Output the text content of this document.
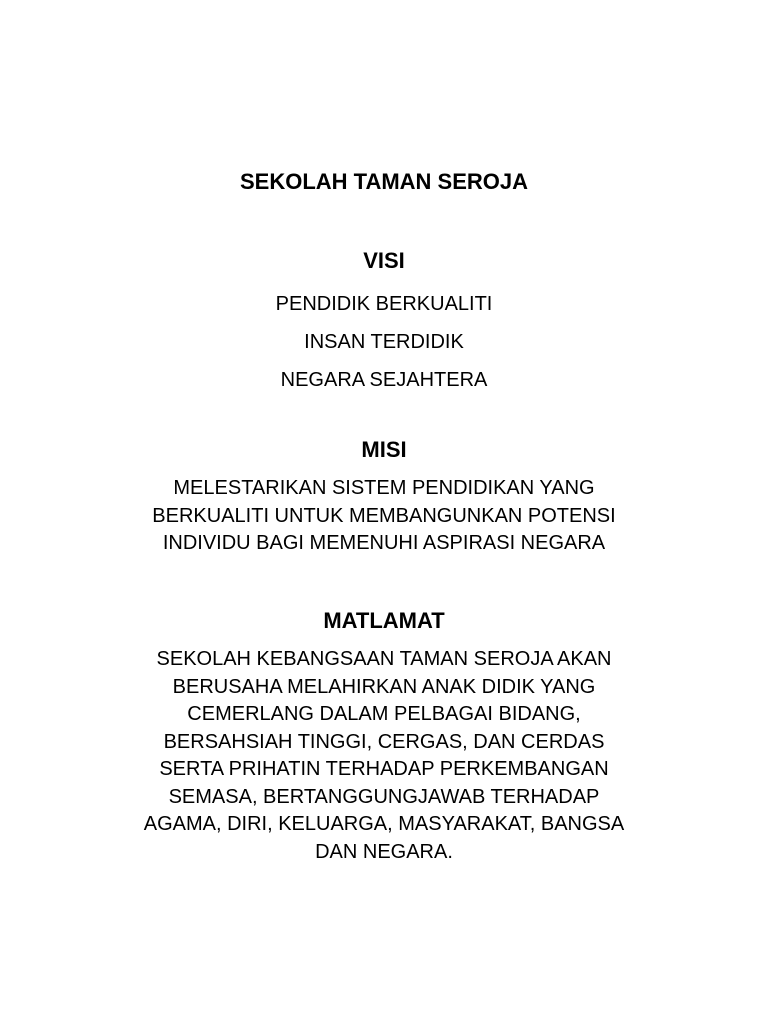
SEKOLAH TAMAN SEROJA
VISI
PENDIDIK BERKUALITI
INSAN TERDIDIK
NEGARA SEJAHTERA
MISI
MELESTARIKAN SISTEM PENDIDIKAN YANG
BERKUALITI UNTUK MEMBANGUNKAN POTENSI
INDIVIDU BAGI MEMENUHI ASPIRASI NEGARA
MATLAMAT
SEKOLAH KEBANGSAAN TAMAN SEROJA AKAN
BERUSAHA MELAHIRKAN ANAK DIDIK YANG
CEMERLANG DALAM PELBAGAI BIDANG,
BERSAHSIAH TINGGI, CERGAS, DAN CERDAS
SERTA PRIHATIN TERHADAP PERKEMBANGAN
SEMASA, BERTANGGUNGJAWAB TERHADAP
AGAMA, DIRI, KELUARGA, MASYARAKAT, BANGSA
DAN NEGARA.
